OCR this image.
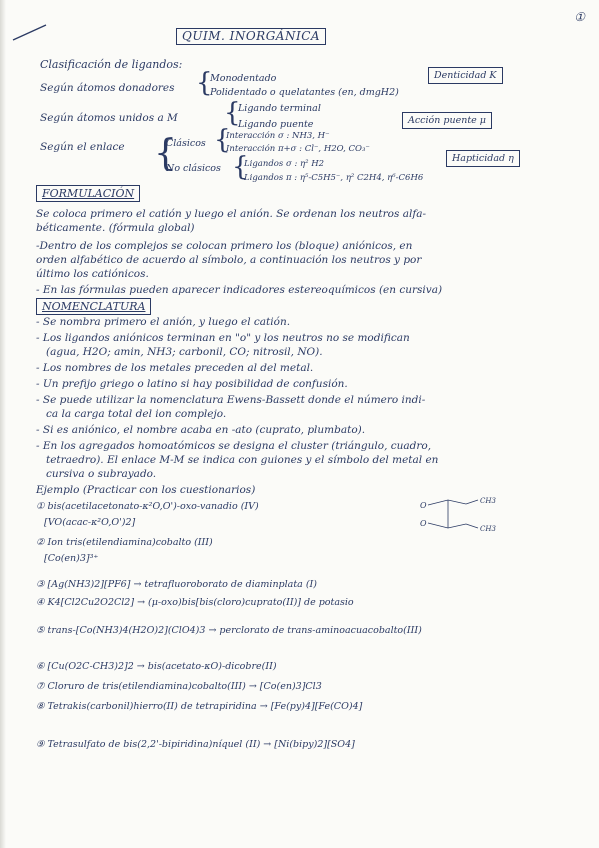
①
QUIM. INORGÁNICA
Clasificación de ligandos:
Según átomos donadores {
Monodentado
Polidentado o quelatantes (en, dmgH2)
Denticidad K
Según átomos unidos a M {
Ligando terminal
Ligando puente	Acción puente μ
Según el enlace {
Clásicos {
Interacción σ : NH3, H⁻
Interacción π+σ : Cl⁻, H2O, CO₃⁻
No clásicos {
Ligandos σ : η² H2
Ligandos π : η⁵-C5H5⁻, η² C2H4, η⁶-C6H6
Hapticidad η
FORMULACIÓN
Se coloca primero el catión y luego el anión. Se ordenan los neutros alfa-
béticamente. (fórmula global)
-Dentro de los complejos se colocan primero los (bloque) aniónicos, en
orden alfabético de acuerdo al símbolo, a continuación los neutros y por
último los catiónicos.
- En las fórmulas pueden aparecer indicadores estereoquímicos (en cursiva)
NOMENCLATURA
- Se nombra primero el anión, y luego el catión.
- Los ligandos aniónicos terminan en "o" y los neutros no se modifican
(agua, H2O; amin, NH3; carbonil, CO; nitrosil, NO).
- Los nombres de los metales preceden al del metal.
- Un prefijo griego o latino si hay posibilidad de confusión.
- Se puede utilizar la nomenclatura Ewens-Bassett donde el número indi-
ca la carga total del ion complejo.
- Si es aniónico, el nombre acaba en -ato (cuprato, plumbato).
- En los agregados homoatómicos se designa el cluster (triángulo, cuadro,
tetraedro). El enlace M-M se indica con guiones y el símbolo del metal en
cursiva o subrayado.
Ejemplo (Practicar con los cuestionarios)
① bis(acetilacetonato-κ²O,O')-oxo-vanadio (IV)
[VO(acac-κ²O,O')2]
O
O
CH3
CH3
② Ion tris(etilendiamina)cobalto (III)
[Co(en)3]³⁺
③ [Ag(NH3)2][PF6] → tetrafluoroborato de diaminplata (I)
④ K4[Cl2Cu2O2Cl2] → (μ-oxo)bis[bis(cloro)cuprato(II)] de potasio
⑤ trans-[Co(NH3)4(H2O)2](ClO4)3 → perclorato de trans-aminoacuacobalto(III)
⑥ [Cu(O2C-CH3)2]2 → bis(acetato-κO)-dicobre(II)
⑦ Cloruro de tris(etilendiamina)cobalto(III) → [Co(en)3]Cl3
⑧ Tetrakis(carbonil)hierro(II) de tetrapiridina → [Fe(py)4][Fe(CO)4]
⑨ Tetrasulfato de bis(2,2'-bipiridina)níquel (II) → [Ni(bipy)2][SO4]
